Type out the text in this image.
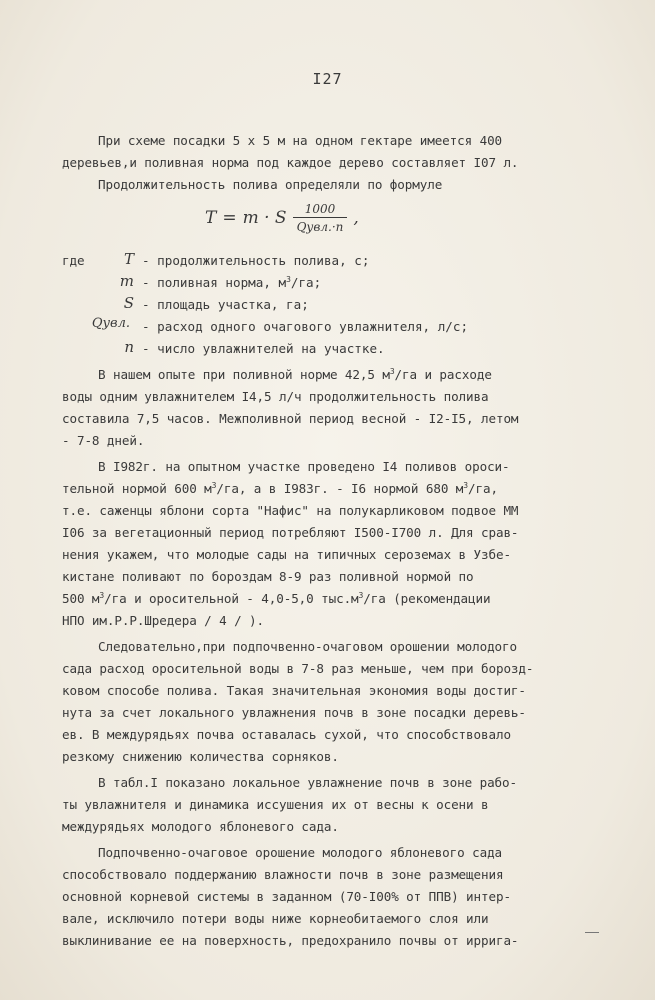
I27
При схеме посадки 5 х 5 м на одном гектаре имеется 400
деревьев,и поливная норма под каждое дерево составляет I07 л.
Продолжительность полива определяли по формуле
T = m · S $\frac{1000}{\text{Qувл.·n}}$ ,
где	T - продолжительность полива, с;
m - поливная норма, $м^3/га$;
S - площадь участка, га;
Qувл. - расход одного очагового увлажнителя, л/с;
n - число увлажнителей на участке.
В нашем опыте при поливной норме 42,5 $м^3/га$ и расходе
воды одним увлажнителем I4,5 л/ч продолжительность полива
составила 7,5 часов. Межполивной период весной - I2-I5, летом
- 7-8 дней.
В I982г. на опытном участке проведено I4 поливов ороси-
тельной нормой 600 $м^3/га$, а в I983г. - I6 нормой 680 $м^3/га$,
т.е. саженцы яблони сорта "Нафис" на полукарликовом подвое ММ
I06 за вегетационный период потребляют I500-I700 л. Для срав-
нения укажем, что молодые сады на типичных сероземах в Узбе-
кистане поливают по бороздам 8-9 раз поливной нормой по
500 $м^3/га$ и оросительной - 4,0-5,0 $тыс.м^3/га$ (рекомендации
НПО им.Р.Р.Шредера / 4 / ).
Следовательно,при подпочвенно-очаговом орошении молодого
сада расход оросительной воды в 7-8 раз меньше, чем при борозд-
ковом способе полива. Такая значительная экономия воды достиг-
нута за счет локального увлажнения почв в зоне посадки деревь-
ев. В междурядьях почва оставалась сухой, что способствовало
резкому снижению количества сорняков.
В табл.I показано локальное увлажнение почв в зоне рабо-
ты увлажнителя и динамика иссушения их от весны к осени в
междурядьях молодого яблоневого сада.
Подпочвенно-очаговое орошение молодого яблоневого сада
способствовало поддержанию влажности почв в зоне размещения
основной корневой системы в заданном (70-I00% от ППВ) интер-
вале, исключило потери воды ниже корнеобитаемого слоя или
выклинивание ее на поверхность, предохранило почвы от ирригa-
